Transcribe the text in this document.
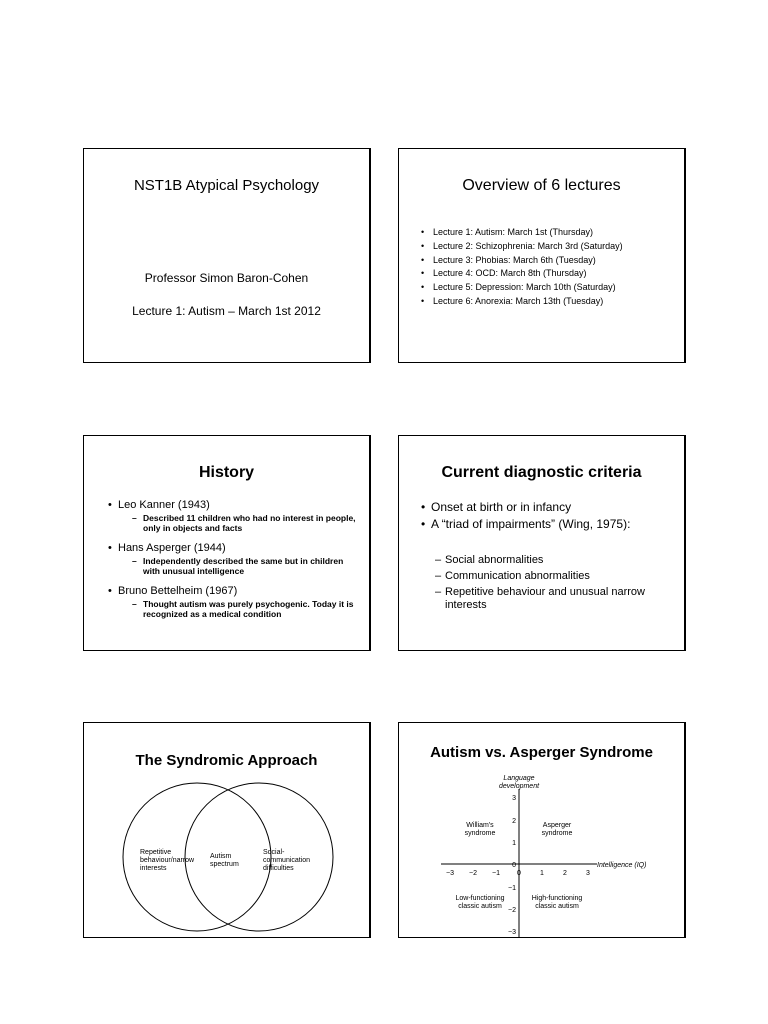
NST1B Atypical Psychology
Professor Simon Baron-Cohen
Lecture 1: Autism – March 1st 2012
Overview of 6 lectures
• Lecture 1: Autism: March 1st (Thursday)
• Lecture 2: Schizophrenia: March 3rd (Saturday)
• Lecture 3: Phobias: March 6th (Tuesday)
• Lecture 4: OCD: March 8th (Thursday)
• Lecture 5: Depression: March 10th (Saturday)
• Lecture 6: Anorexia: March 13th (Tuesday)
History
• Leo Kanner (1943)
– Described 11 children who had no interest in people, only in objects and facts
• Hans Asperger (1944)
– Independently described the same but in children with unusual intelligence
• Bruno Bettelheim (1967)
– Thought autism was purely psychogenic. Today it is recognized as a medical condition
Current diagnostic criteria
• Onset at birth or in infancy
• A “triad of impairments” (Wing, 1975):
– Social abnormalities
– Communication abnormalities
– Repetitive behaviour and unusual narrow interests
The Syndromic Approach
Repetitive behaviour/narrow interests
Autism spectrum
Social-communication difficulties
Autism vs. Asperger Syndrome
Language
development
Intelligence (IQ)
−3 −2 −1 0	1	2	3
3
2
1
0
−1
−2
−3
William's
syndrome
Asperger
syndrome
Low-functioning
classic autism
High-functioning
classic autism
